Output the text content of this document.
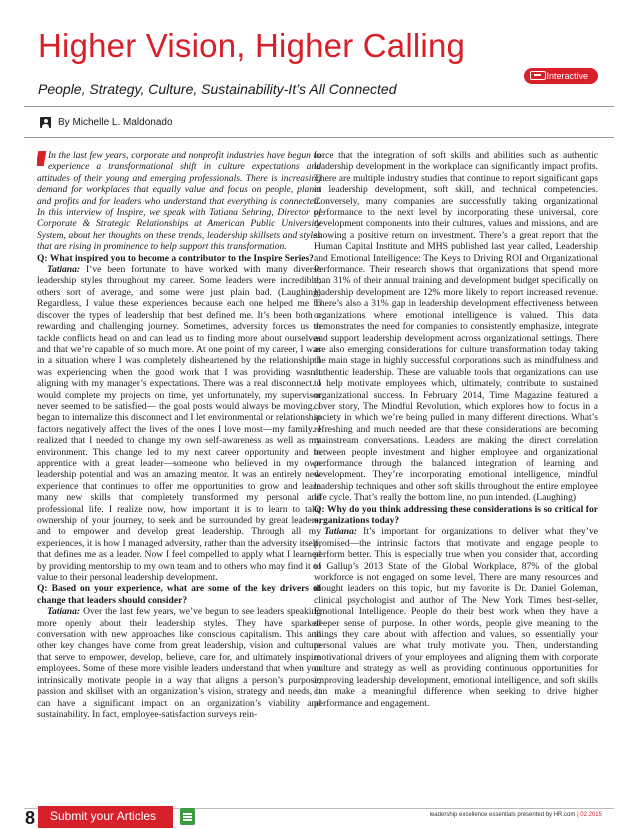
Higher Vision, Higher Calling
Interactive
People, Strategy, Culture, Sustainability-It’s All Connected
By Michelle L. Maldonado

In the last few years, corporate and nonprofit industries have begun to experience a transformational shift in culture expectations and attitudes of their young and emerging professionals. There is increasing demand for workplaces that equally value and focus on people, planet and profits and for leaders who understand that everything is connected. In this interview of Inspire, we speak with Tatiana Sehring, Director of Corporate & Strategic Relationships at American Public University System, about her thoughts on these trends, leadership skillsets and styles that are rising in prominence to help support this transformation.

Q: What inspired you to become a contributor to the Inspire Series?

Tatiana: I’ve been fortunate to have worked with many diverse leadership styles throughout my career. Some leaders were incredible; others sort of average, and some were just plain bad. (Laughing) Regardless, I value these experiences because each one helped me to discover the types of leadership that best defined me. It’s been both a rewarding and challenging journey. Sometimes, adversity forces us to tackle conflicts head on and can lead us to finding more about ourselves and that we’re capable of so much more. At one point of my career, I was in a situation where I was completely disheartened by the relationship I was experiencing when the good work that I was providing wasn’t aligning with my manager’s expectations. There was a real disconnect. I would complete my projects on time, yet unfortunately, my supervisor never seemed to be satisfied— the goal posts would always be moving. I began to internalize this disconnect and I let environmental or relationship factors negatively affect the lives of the ones I love most—my family. I realized that I needed to change my own self-awareness as well as my environment. This change led to my next career opportunity and to apprentice with a great leader—someone who believed in my own leadership potential and was an amazing mentor. It was an entirely new experience that continues to offer me opportunities to grow and learn many new skills that completely transformed my personal and professional life. I realize now, how important it is to learn to take ownership of your journey, to seek and be surrounded by great leaders, and to empower and develop great leadership. Through all my experiences, it is how I managed adversity, rather than the adversity itself, that defines me as a leader. Now I feel compelled to apply what I learned by providing mentorship to my own team and to others who may find it of value to their personal leadership development.

Q: Based on your experience, what are some of the key drivers of change that leaders should consider?

Tatiana: Over the last few years, we’ve begun to see leaders speaking more openly about their leadership styles. They have sparked conversation with new approaches like conscious capitalism. This and other key changes have come from great leadership, vision and culture that serve to empower, develop, believe, care for, and ultimately inspire employees. Some of these more visible leaders understand that when you intrinsically motivate people in a way that aligns a person’s purpose, passion and skillset with an organization’s vision, strategy and needs, it can have a significant impact on an organization’s viability and sustainability. In fact, employee-satisfaction surveys rein-

force that the integration of soft skills and abilities such as authentic leadership development in the workplace can significantly impact profits. There are multiple industry studies that continue to report significant gaps in leadership development, soft skill, and technical competencies. Conversely, many companies are successfully taking organizational performance to the next level by incorporating these universal, core development components into their cultures, values and missions, and are showing a positive return on investment. There’s a great report that the Human Capital Institute and MHS published last year called, Leadership and Emotional Intelligence: The Keys to Driving ROI and Organizational Performance. Their research shows that organizations that spend more than 31% of their annual training and development budget specifically on leadership development are 12% more likely to report increased revenue. There’s also a 31% gap in leadership development effectiveness between organizations where emotional intelligence is valued. This data demonstrates the need for companies to consistently emphasize, integrate and support leadership development across organizational settings. There are also emerging considerations for culture transformation today taking the main stage in highly successful corporations such as mindfulness and authentic leadership. These are valuable tools that organizations can use to help motivate employees which, ultimately, contribute to sustained organizational success. In February 2014, Time Magazine featured a cover story, The Mindful Revolution, which explores how to focus in a society in which we’re being pulled in many different directions. What’s refreshing and much needed are that these considerations are becoming mainstream conversations. Leaders are making the direct correlation between people investment and higher employee and organizational performance through the balanced integration of learning and development. They’re incorporating emotional intelligence, mindful leadership techniques and other soft skills throughout the entire employee life cycle. That’s really the bottom line, no pun intended. (Laughing)

Q: Why do you think addressing these considerations is so critical for organizations today?

Tatiana: It’s important for organizations to deliver what they’ve promised—the intrinsic factors that motivate and engage people to perform better. This is especially true when you consider that, according to Gallup’s 2013 State of the Global Workplace, 87% of the global workforce is not engaged on some level. There are many resources and thought leaders on this topic, but my favorite is Dr. Daniel Goleman, clinical psychologist and author of The New York Times best-seller, Emotional Intelligence. People do their best work when they have a deeper sense of purpose. In other words, people give meaning to the things they care about with affection and values, so essentially your personal values are what truly motivate you. Then, understanding motivational drivers of your employees and aligning them with corporate culture and strategy as well as providing continuous opportunities for improving leadership development, emotional intelligence, and soft skills can make a meaningful difference when seeking to drive higher performance and engagement.

8	Submit your Articles	leadership excellence essentials presented by HR.com | 02.2015
